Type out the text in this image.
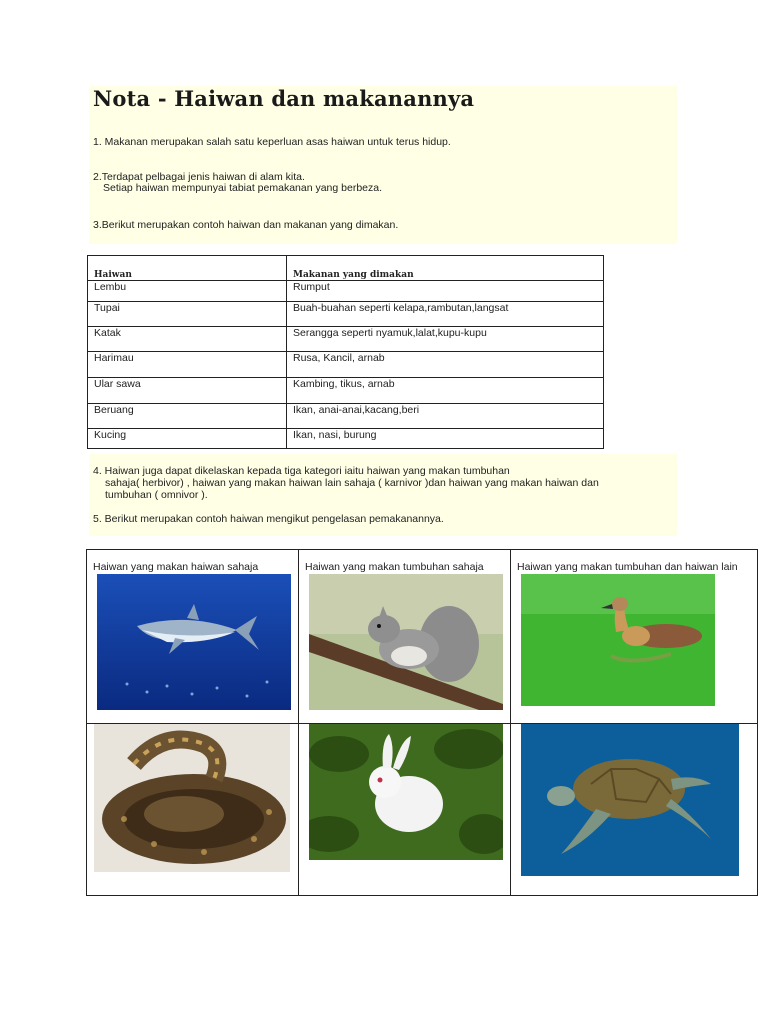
Nota - Haiwan dan makanannya
1. Makanan merupakan salah satu keperluan asas haiwan untuk terus hidup.
2.Terdapat pelbagai jenis haiwan di alam kita.
Setiap haiwan mempunyai tabiat pemakanan yang berbeza.
3.Berikut merupakan contoh haiwan dan makanan yang dimakan.
Haiwan	Makanan yang dimakan
Lembu	Rumput
Tupai	Buah-buahan seperti kelapa,rambutan,langsat
Katak	Serangga seperti nyamuk,lalat,kupu-kupu
Harimau	Rusa, Kancil, arnab
Ular sawa	Kambing, tikus, arnab
Beruang	Ikan, anai-anai,kacang,beri
Kucing	Ikan, nasi, burung
4. Haiwan juga dapat dikelaskan kepada tiga kategori iaitu haiwan yang makan tumbuhan
sahaja( herbivor) , haiwan yang makan haiwan lain sahaja ( karnivor )dan haiwan yang makan haiwan dan
tumbuhan ( omnivor ).
5. Berikut merupakan contoh haiwan mengikut pengelasan pemakanannya.
Haiwan yang makan haiwan sahaja	Haiwan yang makan tumbuhan sahaja	Haiwan yang makan tumbuhan dan haiwan lain
